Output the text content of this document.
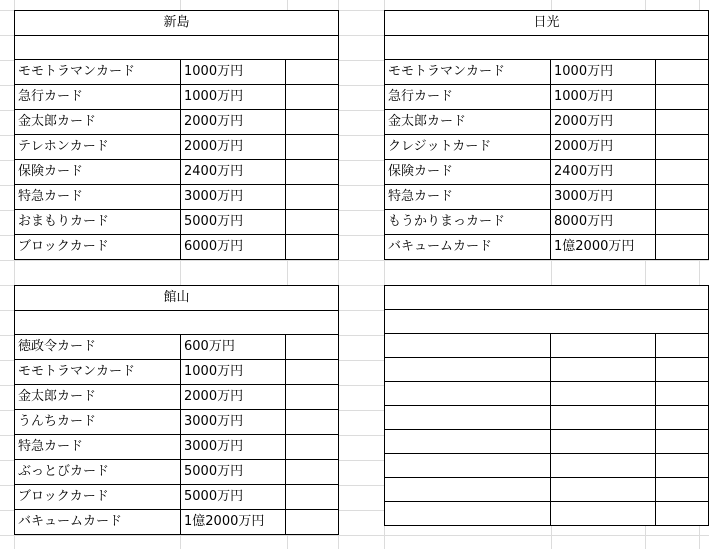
新島		

モモトラマンカード	1000万円	
急行カード	1000万円	
金太郎カード	2000万円	
テレホンカード	2000万円	
保険カード	2400万円	
特急カード	3000万円	
おまもりカード	5000万円	
ブロックカード	6000万円	
日光		

モモトラマンカード	1000万円	
急行カード	1000万円	
金太郎カード	2000万円	
クレジットカード	2000万円	
保険カード	2400万円	
特急カード	3000万円	
もうかりまっカード	8000万円	
バキュームカード	1億2000万円	
館山		

徳政令カード	600万円	
モモトラマンカード	1000万円	
金太郎カード	2000万円	
うんちカード	3000万円	
特急カード	3000万円	
ぶっとびカード	5000万円	
ブロックカード	5000万円	
バキュームカード	1億2000万円	
